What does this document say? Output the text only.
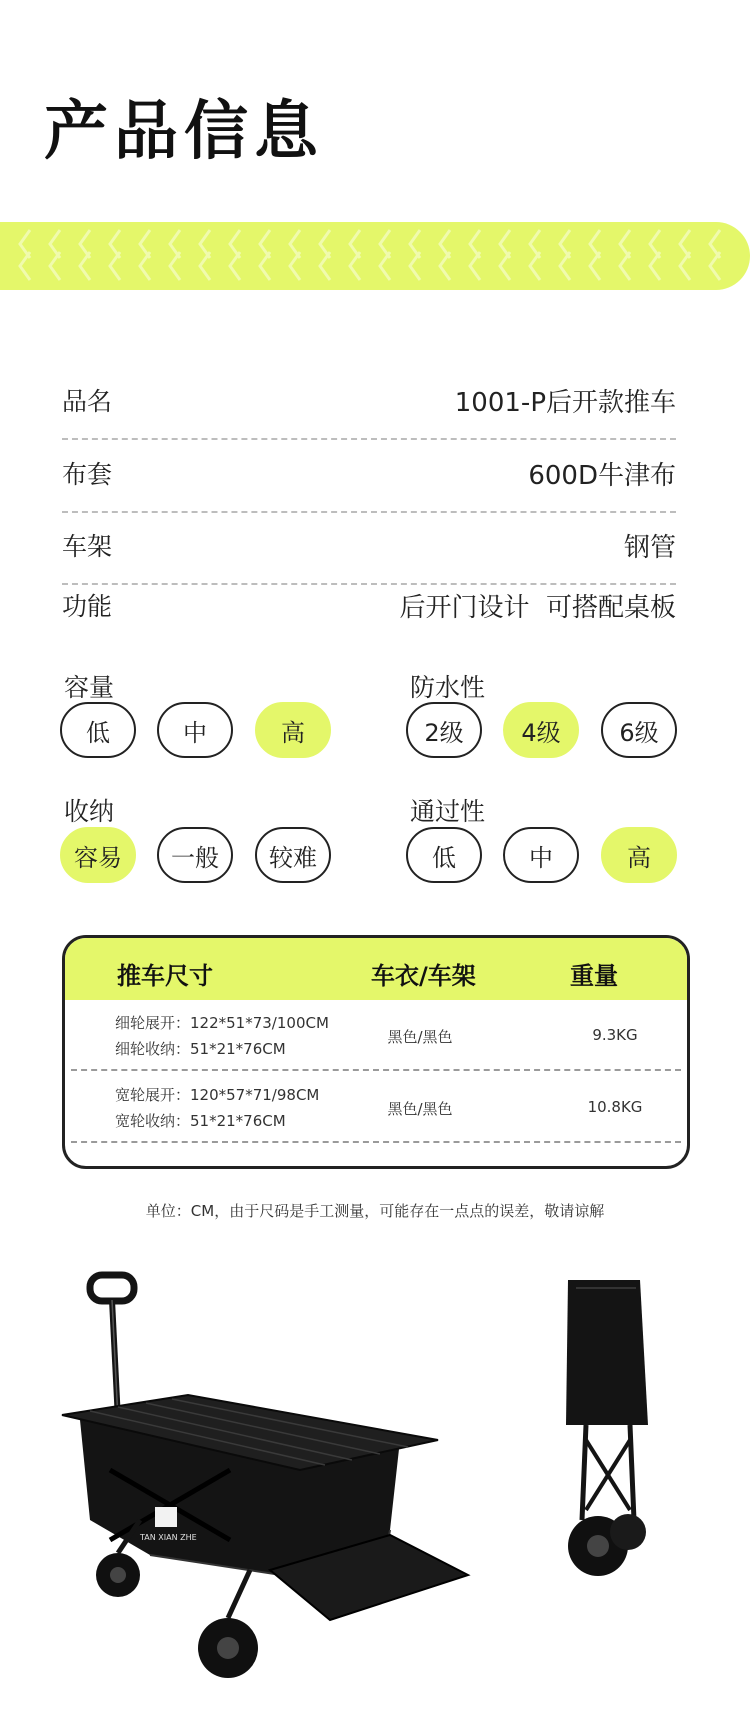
产品信息
品名	1001-P后开款推车
布套	600D牛津布
车架	钢管
功能	后开门设计  可搭配桌板
容量
低	中	高
防水性
2级	4级	6级
收纳
容易	一般	较难
通过性
低	中	高
推车尺寸	车衣/车架	重量
细轮展开：122*51*73/100CM
细轮收纳：51*21*76CM
黑色/黑色	9.3KG
宽轮展开：120*57*71/98CM
宽轮收纳：51*21*76CM
黑色/黑色	10.8KG
单位：CM，由于尺码是手工测量，可能存在一点点的误差，敬请谅解
TAN XIAN ZHE
